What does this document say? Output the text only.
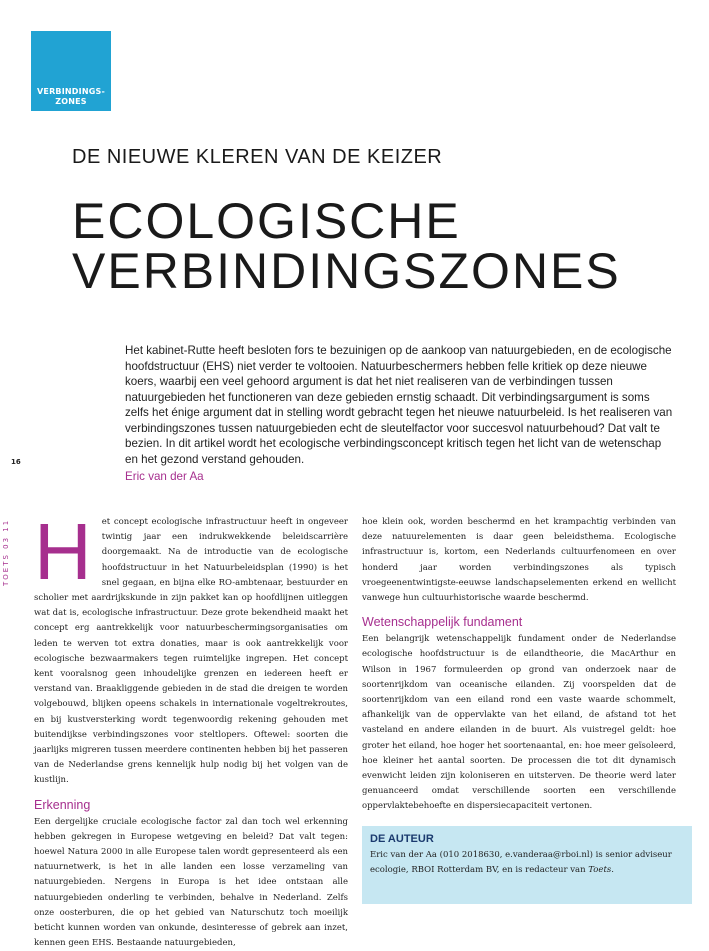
VERBINDINGS-
ZONES
DE NIEUWE KLEREN VAN DE KEIZER
ECOLOGISCHE
VERBINDINGSZONES

Het kabinet-Rutte heeft besloten fors te bezuinigen op de aankoop van natuurgebieden, en de ecologische hoofdstructuur (EHS) niet verder te voltooien. Natuurbeschermers hebben felle kritiek op deze nieuwe koers, waarbij een veel gehoord argument is dat het niet realiseren van de verbindingen tussen natuurgebieden het functioneren van deze gebieden ernstig schaadt. Dit verbindingsargument is soms zelfs het énige argument dat in stelling wordt gebracht tegen het nieuwe natuurbeleid. Is het realiseren van verbindingszones tussen natuurgebieden echt de sleutelfactor voor succesvol natuurbehoud? Dat valt te bezien. In dit artikel wordt het ecologische verbindingsconcept kritisch tegen het licht van de wetenschap en het gezond verstand gehouden.

Eric van der Aa
16
TOETS 03 11 H	et concept ecologische infrastructuur heeft in ongeveer twintig jaar een indrukwekkende beleidscarrière doorgemaakt. Na de introductie van de ecologische hoofdstructuur in het Natuurbeleidsplan (1990) is het snel gegaan, en bijna elke RO-ambtenaar, bestuurder en scholier met aardrijkskunde in zijn pakket kan op hoofdlijnen uitleggen wat dat is, ecologische infrastructuur. Deze grote bekendheid maakt het concept erg aantrekkelijk voor natuurbeschermingsorganisaties om leden te werven tot extra donaties, maar is ook aantrekkelijk voor ecologische bezwaarmakers tegen ruimtelijke ingrepen. Het concept kent vooralsnog geen inhoudelijke grenzen en iedereen heeft er verstand van. Braakliggende gebieden in de stad die dreigen te worden volgebouwd, blijken opeens schakels in internationale vogeltrekroutes, en bij kustversterking wordt tegenwoordig rekening gehouden met buitendijkse verbindingszones voor steltlopers. Oftewel: soorten die jaarlijks migreren tussen meerdere continenten hebben bij het passeren van de Nederlandse grens kennelijk hulp nodig bij het volgen van de kustlijn.

Erkenning

Een dergelijke cruciale ecologische factor zal dan toch wel erkenning hebben gekregen in Europese wetgeving en beleid? Dat valt tegen: hoewel Natura 2000 in alle Europese talen wordt gepresenteerd als een natuurnetwerk, is het in alle landen een losse verzameling van natuurgebieden. Nergens in Europa is het idee ontstaan alle natuurgebieden onderling te verbinden, behalve in Nederland. Zelfs onze oosterburen, die op het gebied van Naturschutz toch moeilijk beticht kunnen worden van onkunde, desinteresse of gebrek aan inzet, kennen geen EHS. Bestaande natuurgebieden,

hoe klein ook, worden beschermd en het krampachtig verbinden van deze natuurelementen is daar geen beleidsthema. Ecologische infrastructuur is, kortom, een Nederlands cultuurfenomeen en over honderd jaar worden verbindingszones als typisch vroegeenentwintigste-eeuwse landschapselementen erkend en wellicht vanwege hun cultuurhistorische waarde beschermd.

Wetenschappelijk fundament

Een belangrijk wetenschappelijk fundament onder de Nederlandse ecologische hoofdstructuur is de eilandtheorie, die MacArthur en Wilson in 1967 formuleerden op grond van onderzoek naar de soortenrijkdom van oceanische eilanden. Zij voorspelden dat de soortenrijkdom van een eiland rond een vaste waarde schommelt, afhankelijk van de oppervlakte van het eiland, de afstand tot het vasteland en andere eilanden in de buurt. Als vuistregel geldt: hoe groter het eiland, hoe hoger het soortenaantal, en: hoe meer geïsoleerd, hoe kleiner het aantal soorten. De processen die tot dit dynamisch evenwicht leiden zijn koloniseren en uitsterven. De theorie werd later genuanceerd omdat verschillende soorten een verschillende oppervlaktebehoefte en dispersiecapaciteit vertonen.

DE AUTEUR

Eric van der Aa (010 2018630, e.vanderaa@rboi.nl) is senior adviseur ecologie, RBOI Rotterdam BV, en is redacteur van Toets.
